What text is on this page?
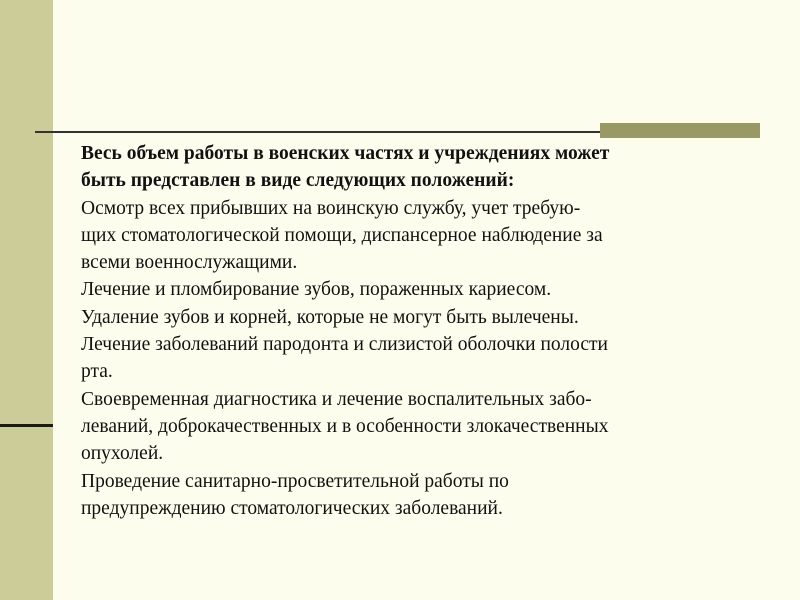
Весь объем работы в военских частях и учреждениях может

быть представлен в виде следующих положений:

Осмотр всех прибывших на воинскую службу, учет требую-

щих стоматологической помощи, диспансерное наблюдение за

всеми военнослужащими.

Лечение и пломбирование зубов, пораженных кариесом.

Удаление зубов и корней, которые не могут быть вылечены.

Лечение заболеваний пародонта и слизистой оболочки полости

рта.

Своевременная диагностика и лечение воспалительных забо-

леваний, доброкачественных и в особенности злокачественных

опухолей.

Проведение санитарно-просветительной работы по

предупреждению стоматологических заболеваний.
